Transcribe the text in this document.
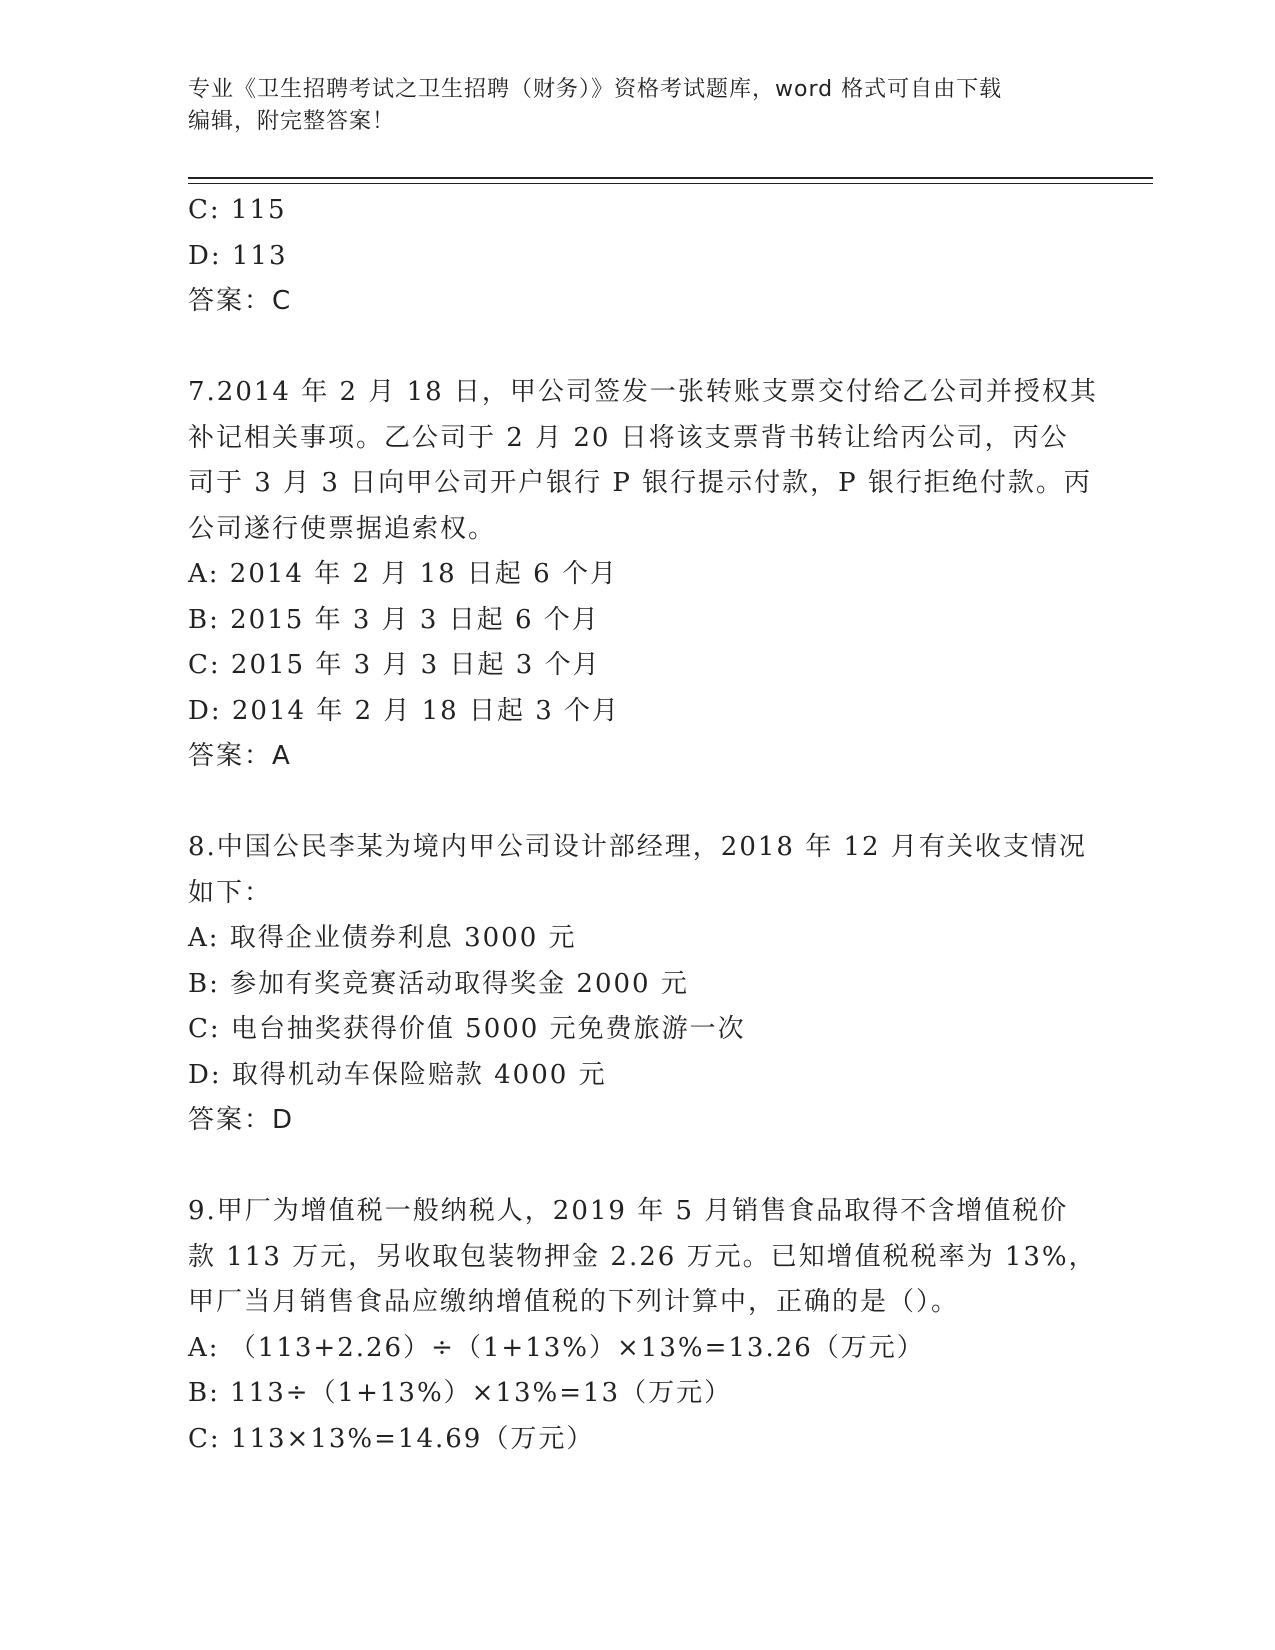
专业《卫生招聘考试之卫生招聘（财务）》资格考试题库，word 格式可自由下载
编辑，附完整答案！
C: 115
D: 113
答案：C
7.2014 年 2 月 18 日，甲公司签发一张转账支票交付给乙公司并授权其
补记相关事项。乙公司于 2 月 20 日将该支票背书转让给丙公司，丙公
司于 3 月 3 日向甲公司开户银行 P 银行提示付款，P 银行拒绝付款。丙
公司遂行使票据追索权。
A: 2014 年 2 月 18 日起 6 个月
B: 2015 年 3 月 3 日起 6 个月
C: 2015 年 3 月 3 日起 3 个月
D: 2014 年 2 月 18 日起 3 个月
答案：A
8.中国公民李某为境内甲公司设计部经理，2018 年 12 月有关收支情况
如下：
A: 取得企业债券利息 3000 元
B: 参加有奖竞赛活动取得奖金 2000 元
C: 电台抽奖获得价值 5000 元免费旅游一次
D: 取得机动车保险赔款 4000 元
答案：D
9.甲厂为增值税一般纳税人，2019 年 5 月销售食品取得不含增值税价
款 113 万元，另收取包装物押金 2.26 万元。已知增值税税率为 13%，
甲厂当月销售食品应缴纳增值税的下列计算中，正确的是（）。
A: （113+2.26）÷（1+13%）×13%=13.26（万元）
B: 113÷（1+13%）×13%=13（万元）
C: 113×13%=14.69（万元）
